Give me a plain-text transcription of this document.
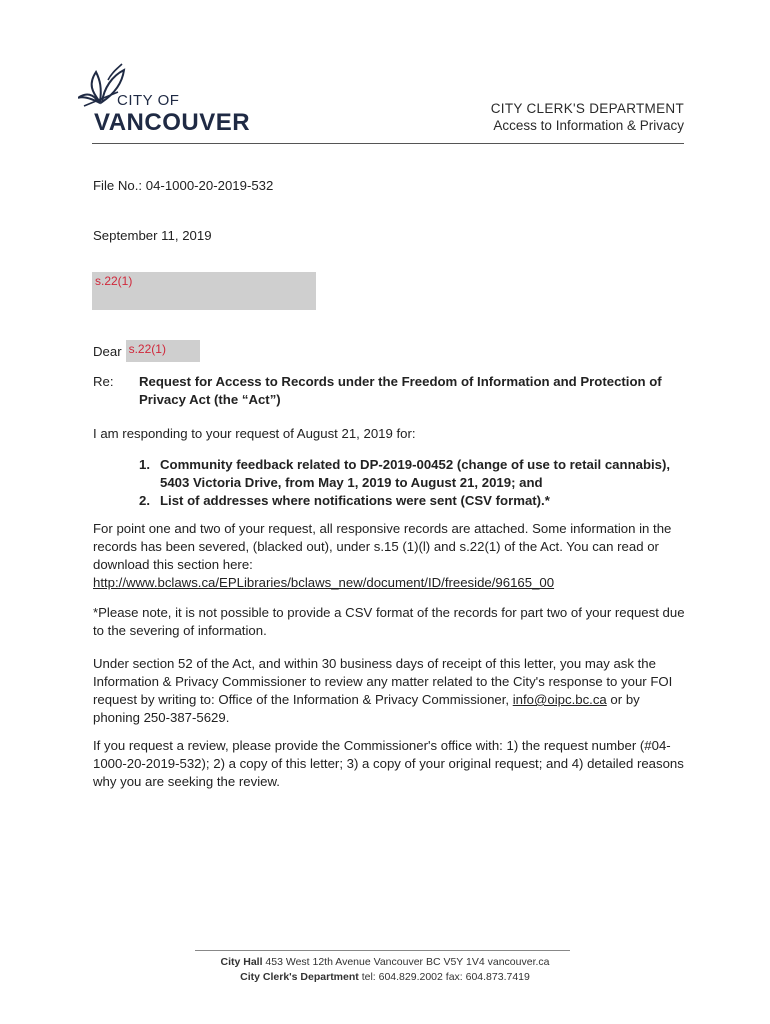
CITY OF
VANCOUVER
CITY CLERK'S DEPARTMENT
Access to Information & Privacy
File No.: 04-1000-20-2019-532
September 11, 2019
s.22(1)
Dear s.22(1)
Re: Request for Access to Records under the Freedom of Information and Protection of Privacy Act (the “Act”)
I am responding to your request of August 21, 2019 for:
1. Community feedback related to DP-2019-00452 (change of use to retail cannabis), 5403 Victoria Drive, from May 1, 2019 to August 21, 2019; and
2. List of addresses where notifications were sent (CSV format).*
For point one and two of your request, all responsive records are attached. Some information in the records has been severed, (blacked out), under s.15 (1)(l) and s.22(1) of the Act. You can read or download this section here:
http://www.bclaws.ca/EPLibraries/bclaws_new/document/ID/freeside/96165_00
*Please note, it is not possible to provide a CSV format of the records for part two of your request due to the severing of information.
Under section 52 of the Act, and within 30 business days of receipt of this letter, you may ask the Information & Privacy Commissioner to review any matter related to the City's response to your FOI request by writing to: Office of the Information & Privacy Commissioner, info@oipc.bc.ca or by phoning 250-387-5629.
If you request a review, please provide the Commissioner's office with: 1) the request number (#04-1000-20-2019-532); 2) a copy of this letter; 3) a copy of your original request; and 4) detailed reasons why you are seeking the review.
City Hall 453 West 12th Avenue Vancouver BC V5Y 1V4 vancouver.ca
City Clerk's Department tel: 604.829.2002 fax: 604.873.7419
